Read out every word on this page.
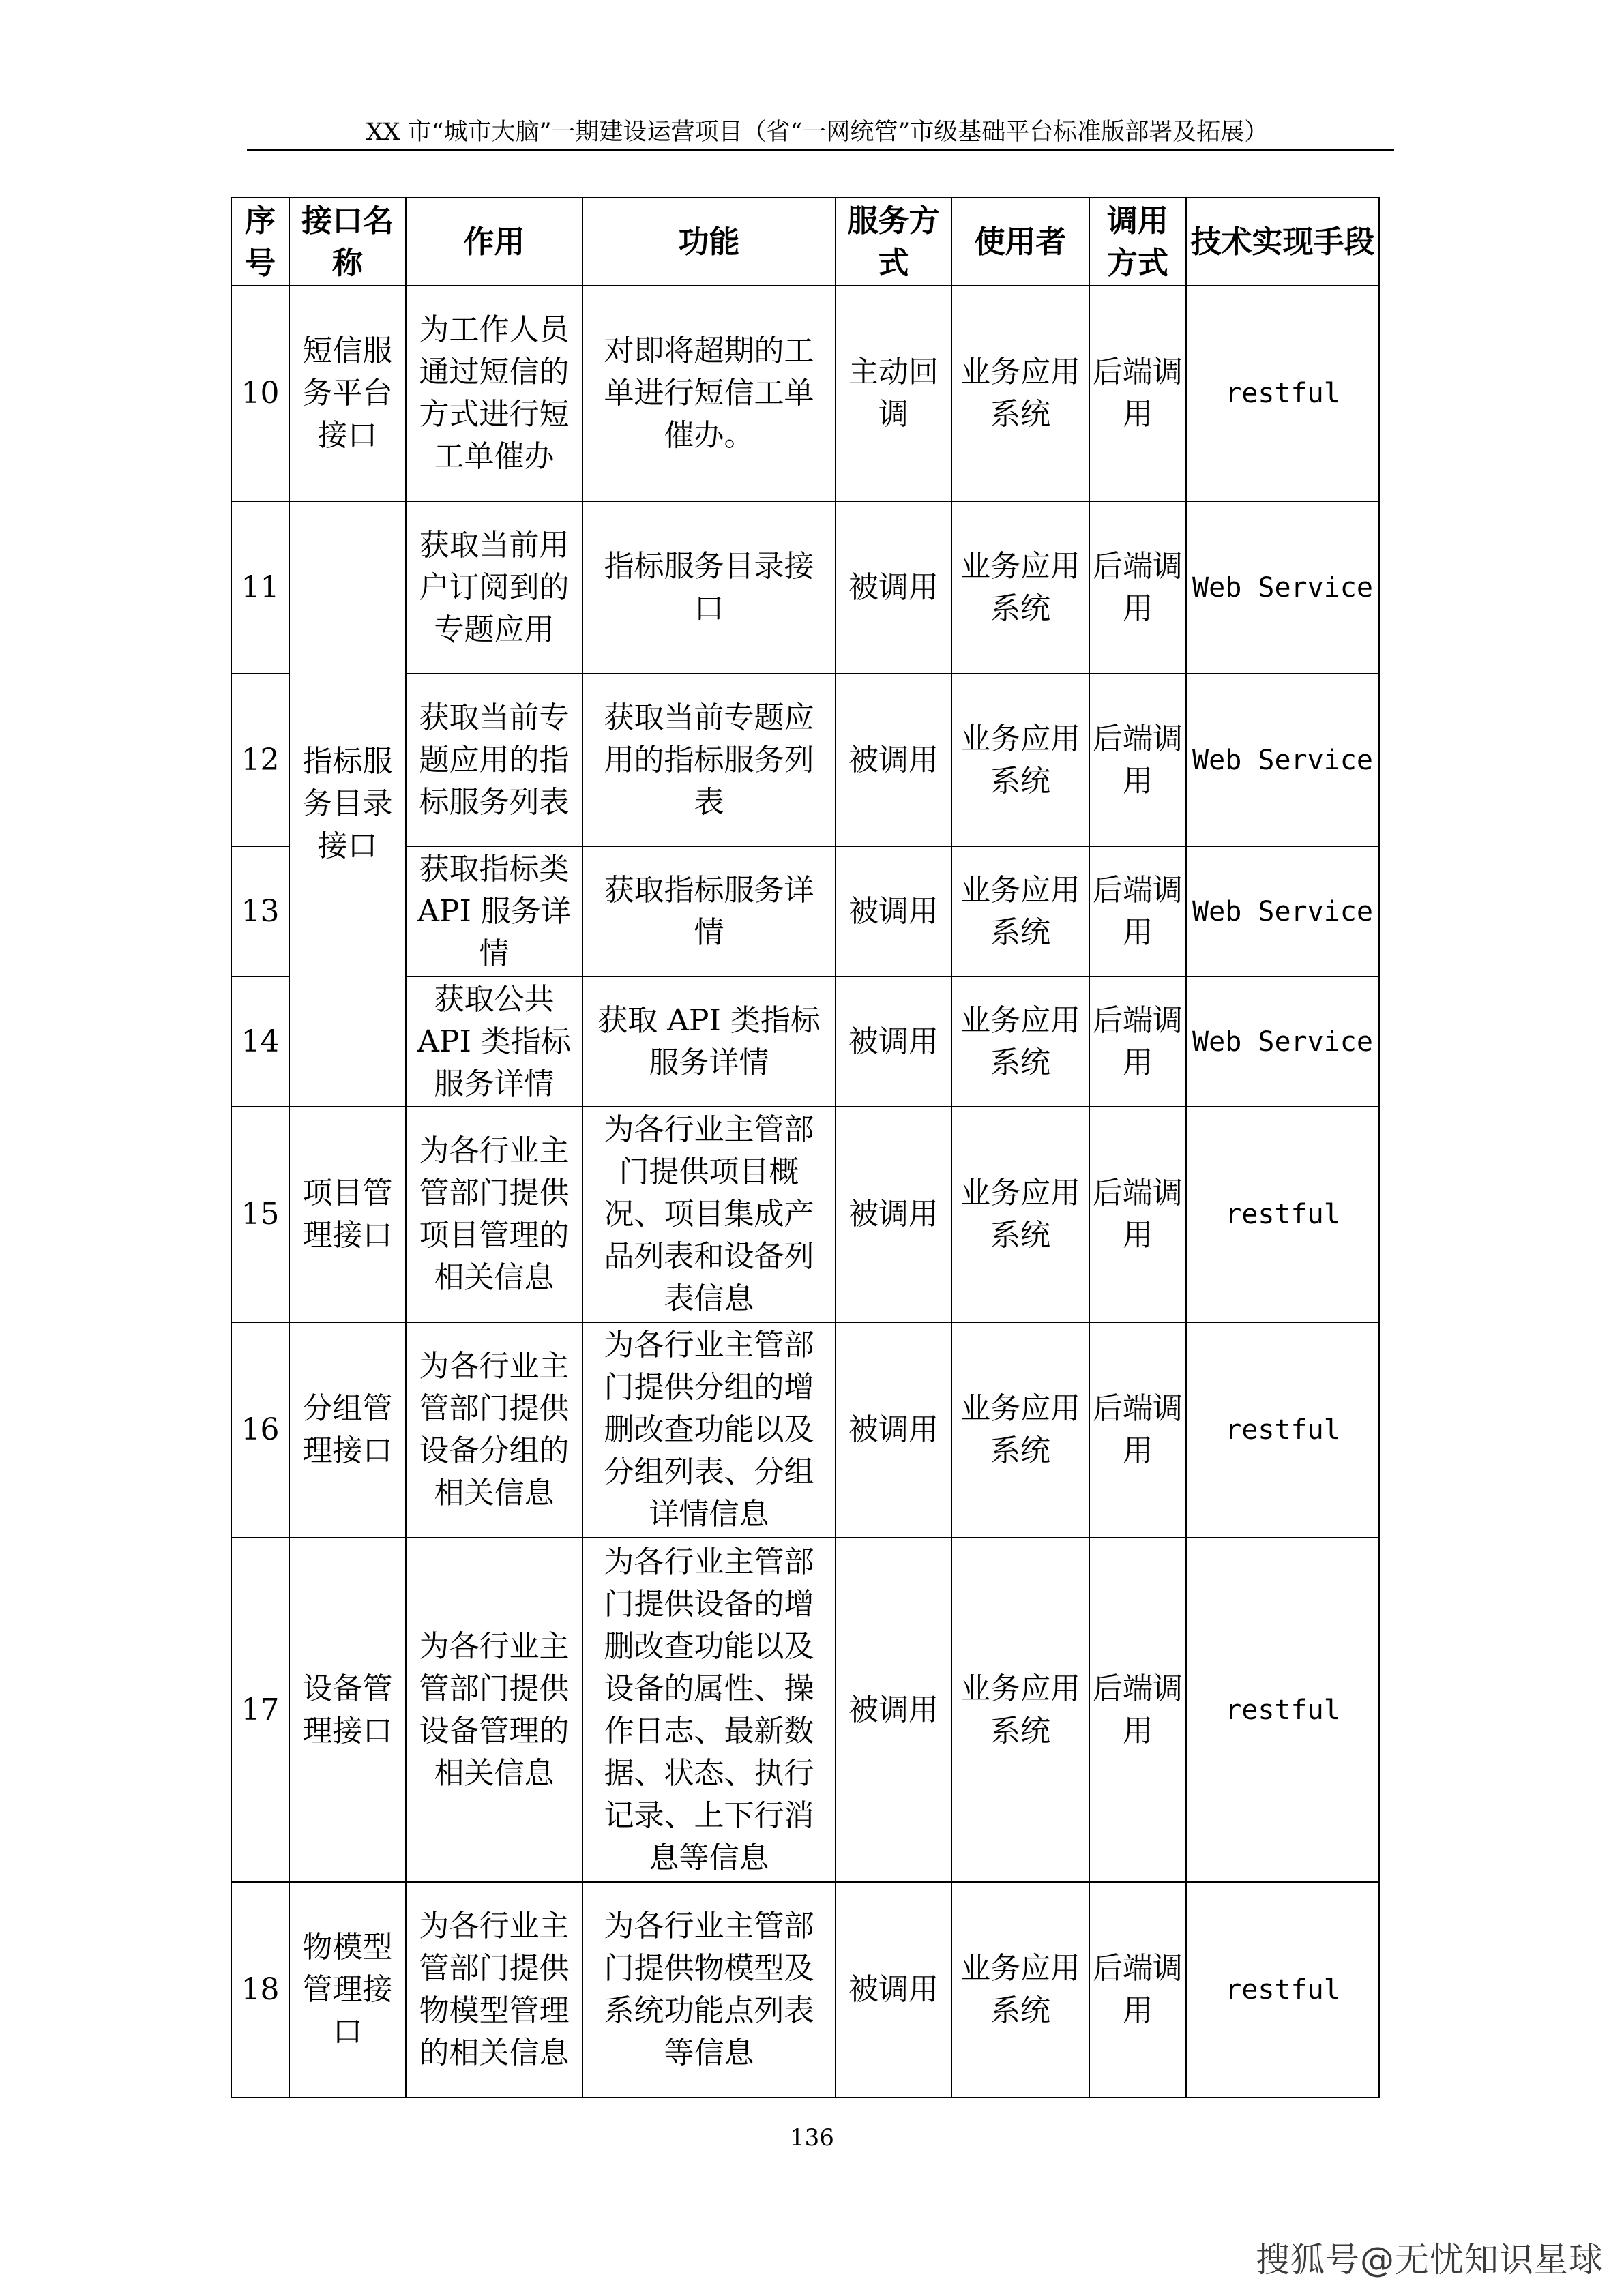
XX 市“城市大脑”一期建设运营项目（省“一网统管”市级基础平台标准版部署及拓展）
序号	接口名称	作用	功能	服务方式	使用者	调用方式	技术实现手段
10	短信服务平台接口	为工作人员通过短信的方式进行短工单催办	对即将超期的工单进行短信工单催办。	主动回调	业务应用系统	后端调用	restful
11	指标服务目录接口	获取当前用户订阅到的专题应用	指标服务目录接口	被调用	业务应用系统	后端调用	Web Service
12		获取当前专题应用的指标服务列表	获取当前专题应用的指标服务列表	被调用	业务应用系统	后端调用	Web Service
13		获取指标类 API 服务详情	获取指标服务详情	被调用	业务应用系统	后端调用	Web Service
14		获取公共 API 类指标服务详情	获取 API 类指标服务详情	被调用	业务应用系统	后端调用	Web Service
15	项目管理接口	为各行业主管部门提供项目管理的相关信息	为各行业主管部门提供项目概况、项目集成产品列表和设备列表信息	被调用	业务应用系统	后端调用	restful
16	分组管理接口	为各行业主管部门提供设备分组的相关信息	为各行业主管部门提供分组的增删改查功能以及分组列表、分组详情信息	被调用	业务应用系统	后端调用	restful
17	设备管理接口	为各行业主管部门提供设备管理的相关信息	为各行业主管部门提供设备的增删改查功能以及设备的属性、操作日志、最新数据、状态、执行记录、上下行消息等信息	被调用	业务应用系统	后端调用	restful
18	物模型管理接口	为各行业主管部门提供物模型管理的相关信息	为各行业主管部门提供物模型及系统功能点列表等信息	被调用	业务应用系统	后端调用	restful
136
搜狐号@无忧知识星球
